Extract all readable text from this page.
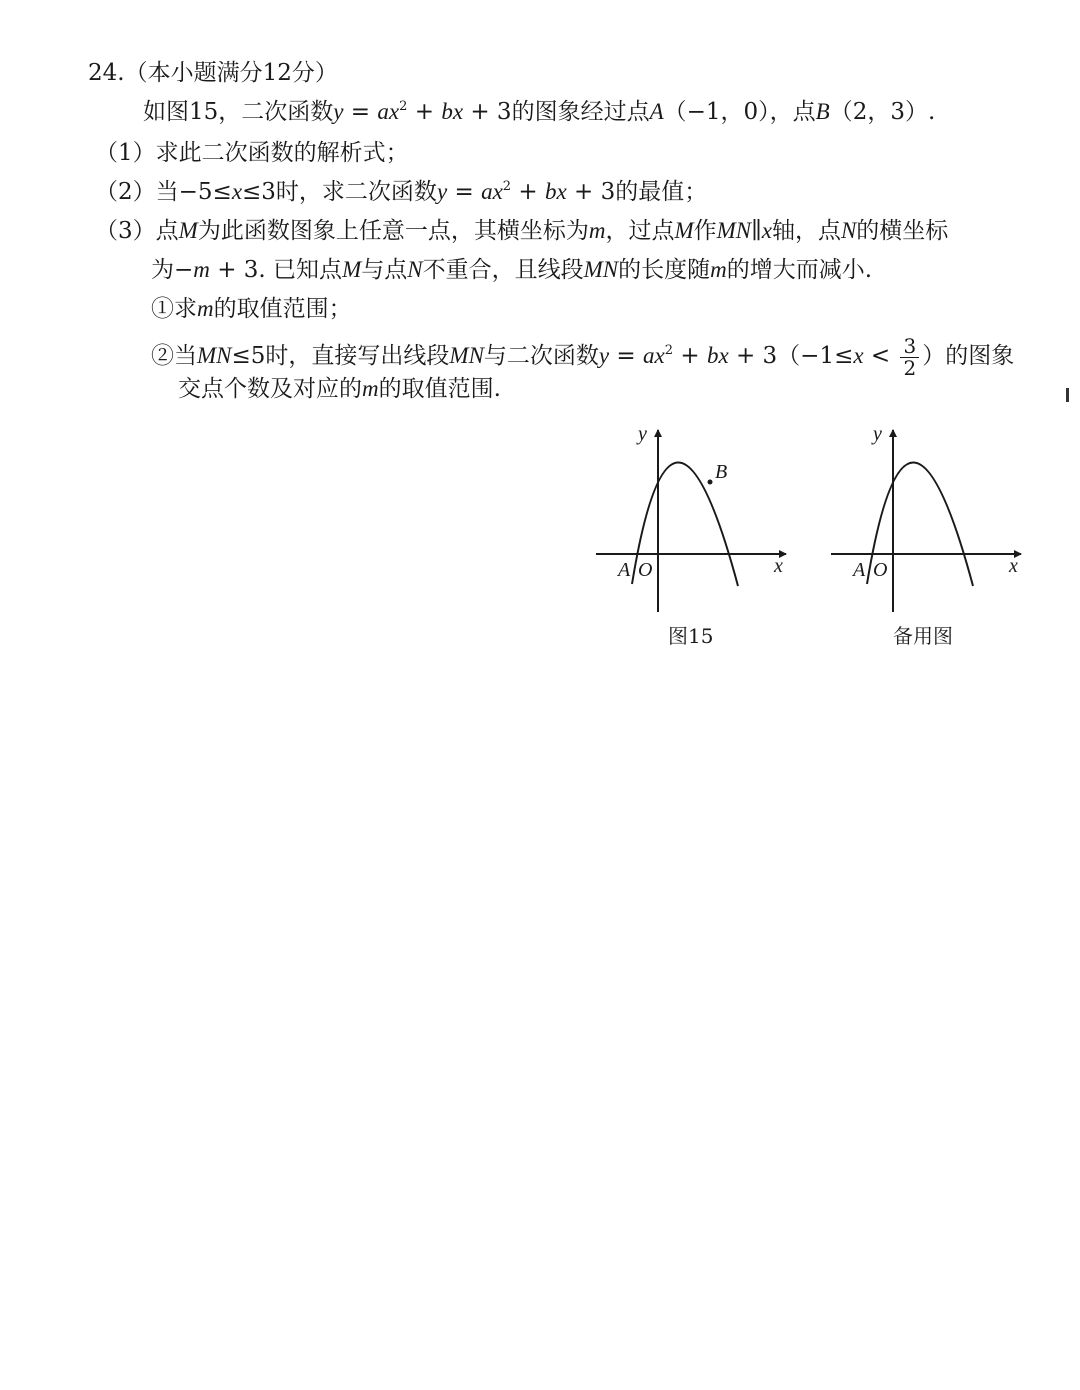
24.（本小题满分12分）
如图15，二次函数$y = ax^2$ + bx + 3的图象经过点A（−1，0），点B（2，3）.
（1）求此二次函数的解析式；
（2）当−5≤x≤3时，求二次函数$y = ax^2$ + bx + 3的最值；
（3）点M为此函数图象上任意一点，其横坐标为m，过点M作MN∥x轴，点N的横坐标
为−m + 3. 已知点M与点N不重合，且线段MN的长度随m的增大而减小.
①求m的取值范围；
②当MN≤5时，直接写出线段MN与二次函数$y = ax^2$ + bx + $3(-1\le x < \frac{3}{2}$ ）的图象
交点个数及对应的m的取值范围.
y
x
A O
B
图15
y
x
A O
备用图
